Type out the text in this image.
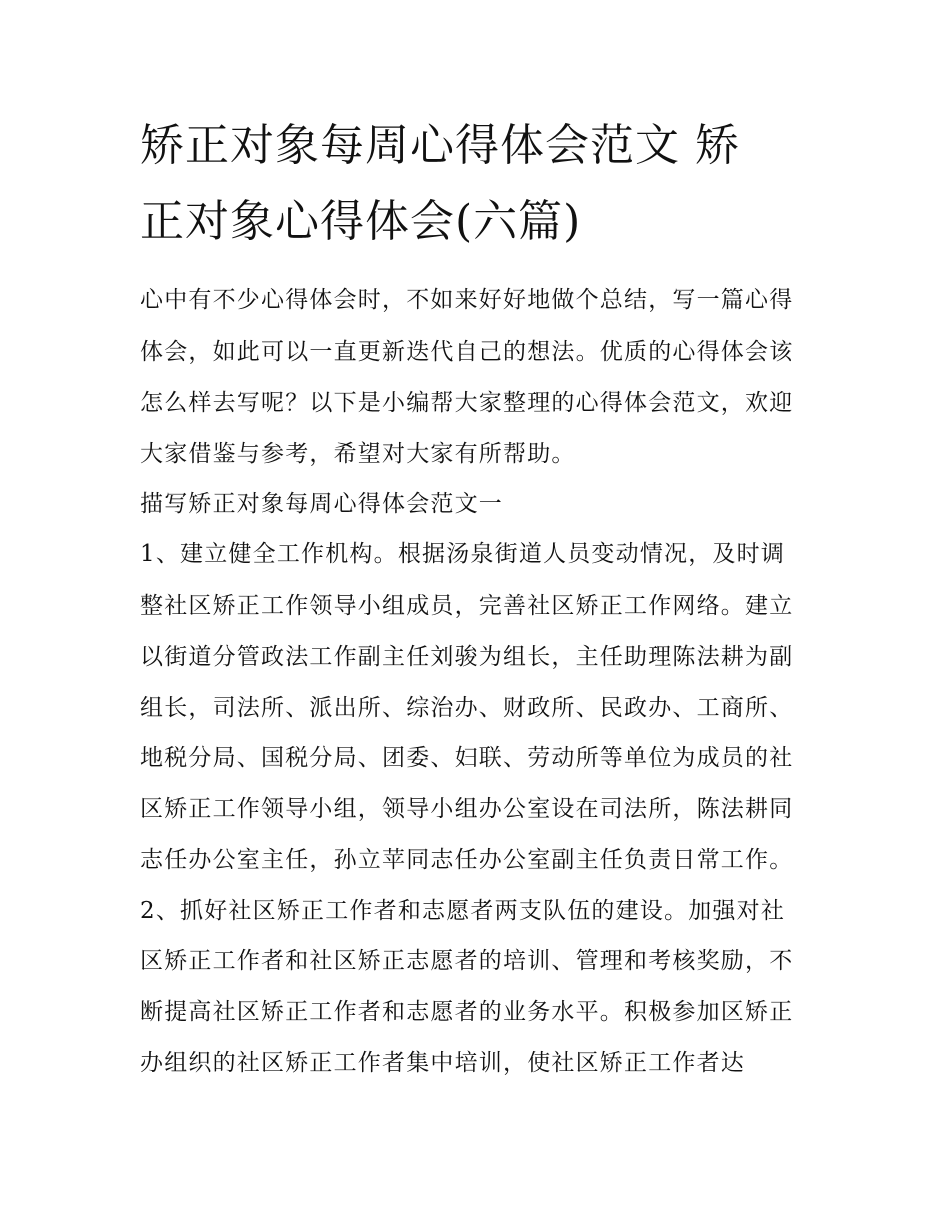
矫正对象每周心得体会范文 矫
正对象心得体会(六篇)
心中有不少心得体会时，不如来好好地做个总结，写一篇心得
体会，如此可以一直更新迭代自己的想法。优质的心得体会该
怎么样去写呢？以下是小编帮大家整理的心得体会范文，欢迎
大家借鉴与参考，希望对大家有所帮助。
描写矫正对象每周心得体会范文一
1、建立健全工作机构。根据汤泉街道人员变动情况，及时调
整社区矫正工作领导小组成员，完善社区矫正工作网络。建立
以街道分管政法工作副主任刘骏为组长，主任助理陈法耕为副
组长，司法所、派出所、综治办、财政所、民政办、工商所、
地税分局、国税分局、团委、妇联、劳动所等单位为成员的社
区矫正工作领导小组，领导小组办公室设在司法所，陈法耕同
志任办公室主任，孙立苹同志任办公室副主任负责日常工作。
2、抓好社区矫正工作者和志愿者两支队伍的建设。加强对社
区矫正工作者和社区矫正志愿者的培训、管理和考核奖励，不
断提高社区矫正工作者和志愿者的业务水平。积极参加区矫正
办组织的社区矫正工作者集中培训，使社区矫正工作者达
